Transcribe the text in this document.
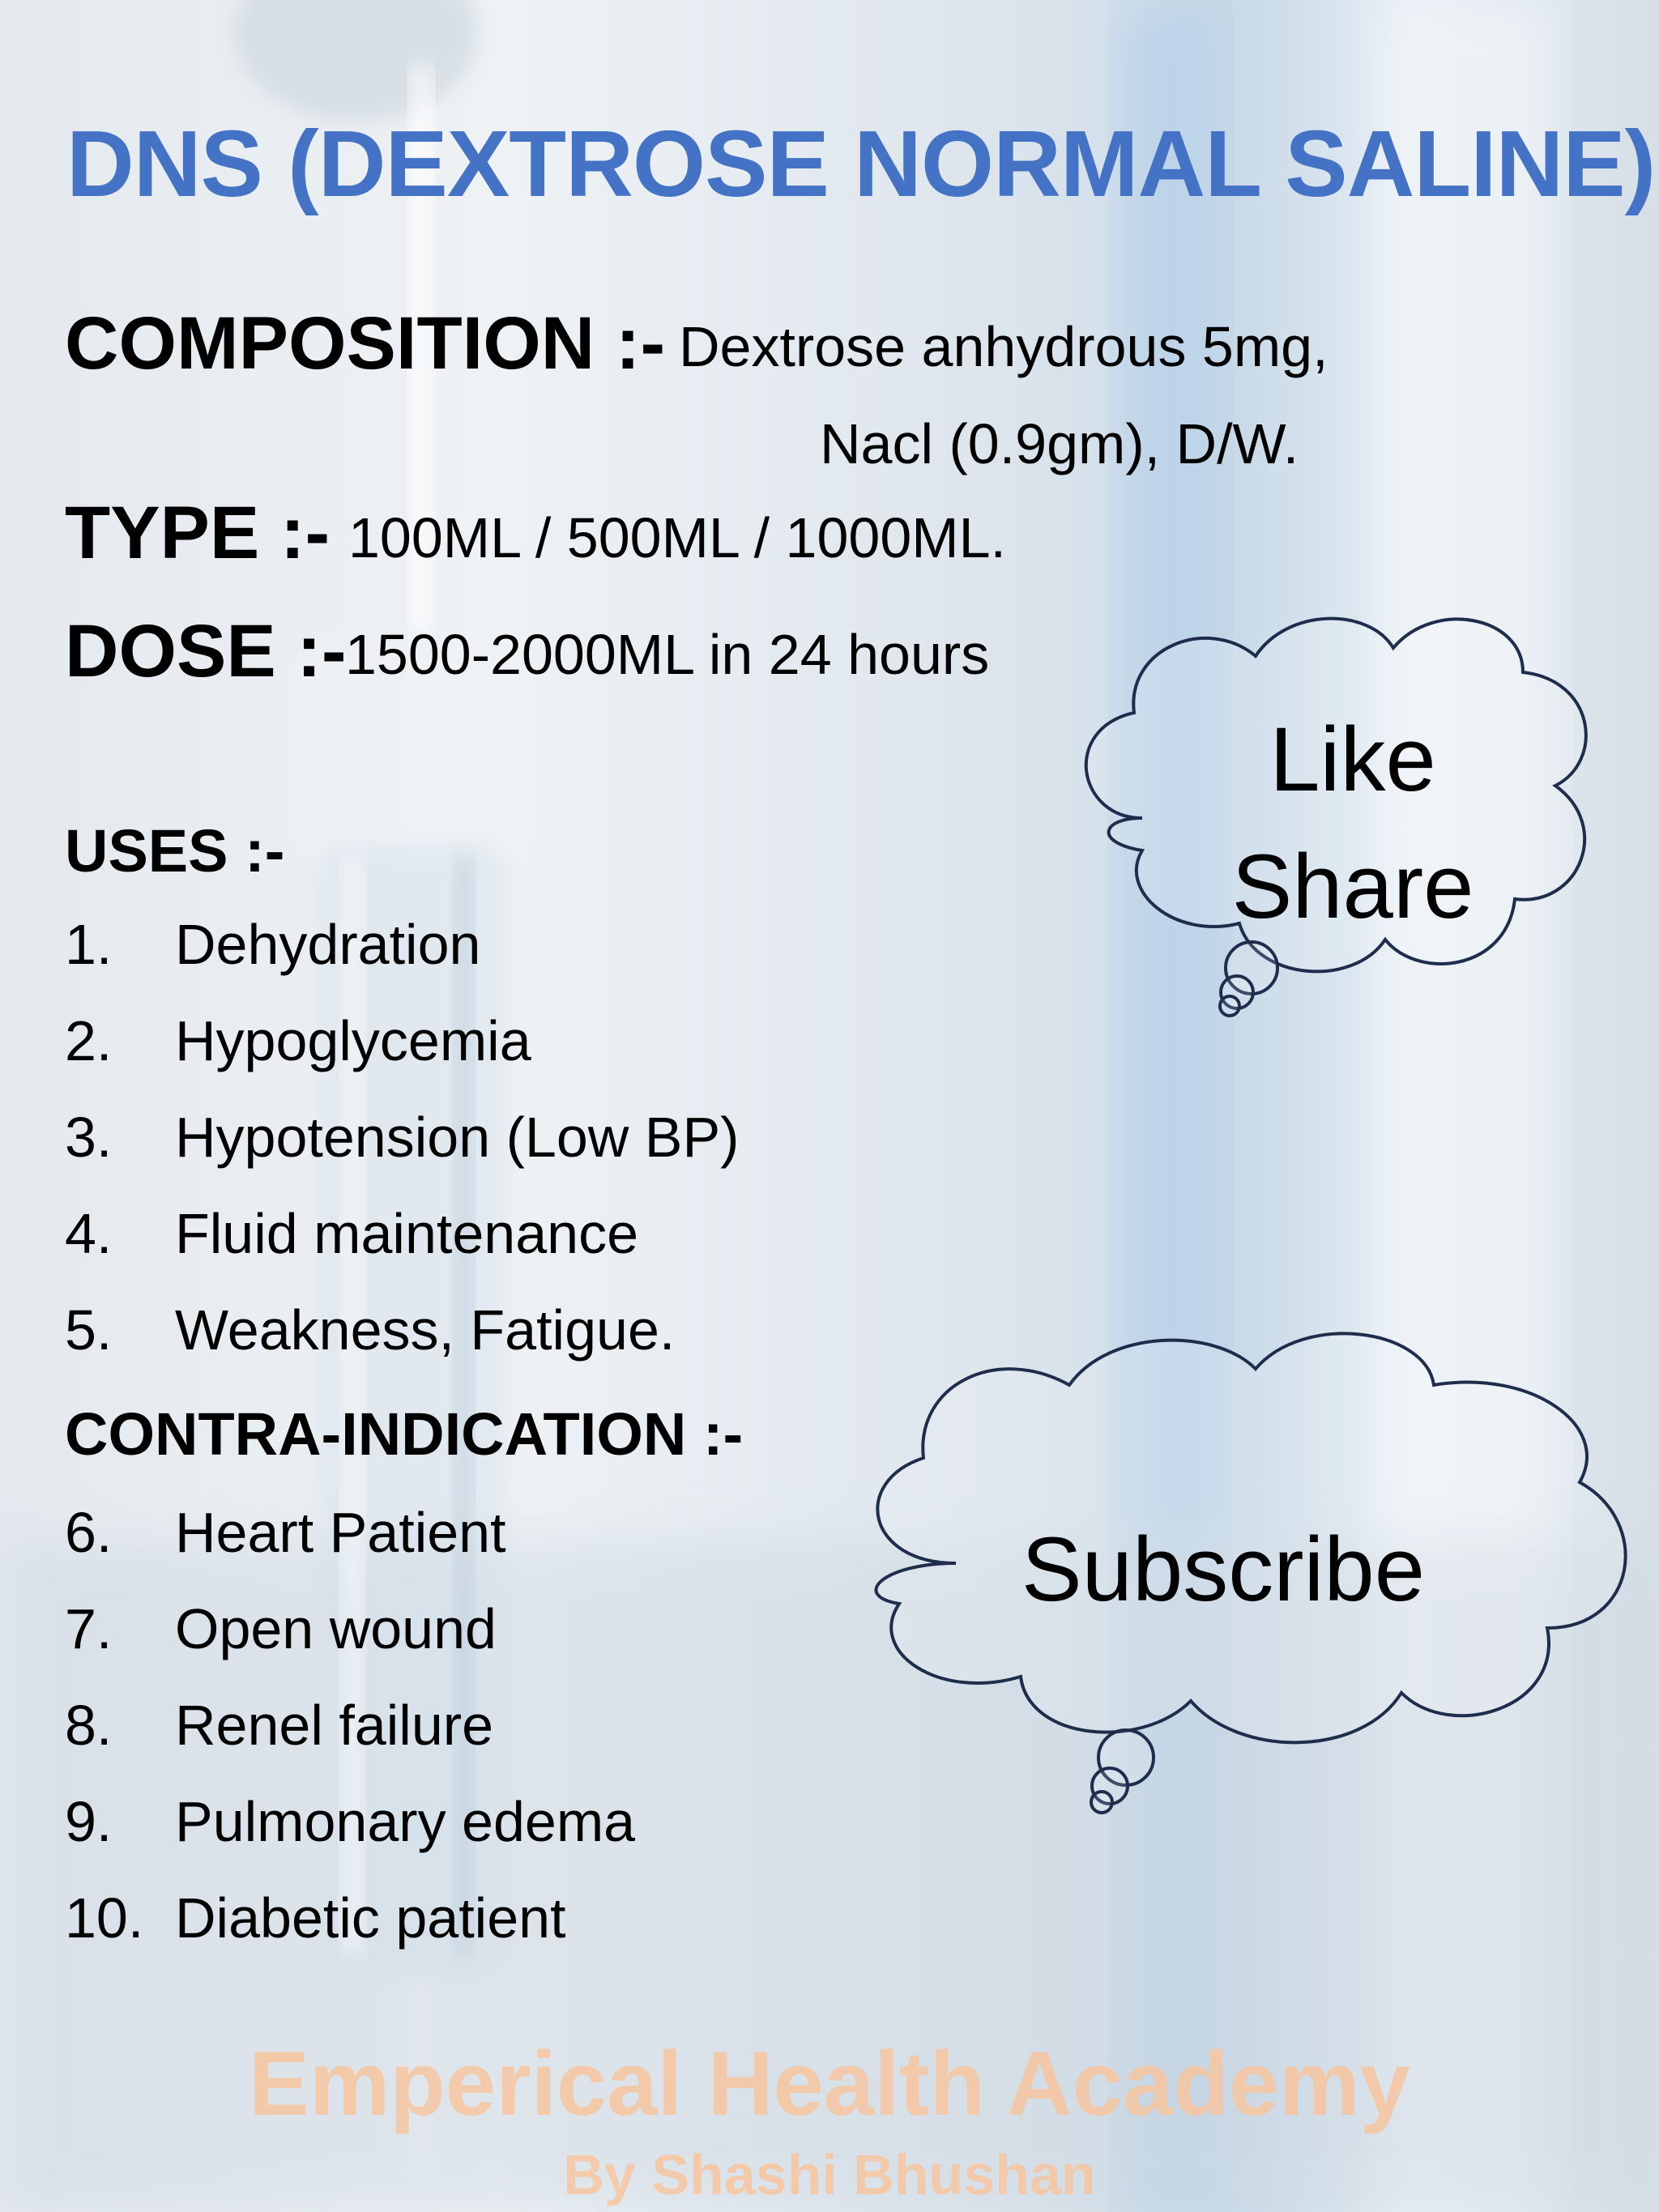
DNS (DEXTROSE NORMAL SALINE)
COMPOSITION :- Dextrose anhydrous 5mg,
Nacl (0.9gm), D/W.
TYPE :- 100ML / 500ML / 1000ML.
DOSE :-
1500-2000ML in 24 hours
USES :-
1. Dehydration
2. Hypoglycemia
3. Hypotension (Low BP)
4. Fluid maintenance
5. Weakness, Fatigue.
CONTRA-INDICATION :-
6. Heart Patient
7. Open wound
8. Renel failure
9. Pulmonary edema
10. Diabetic patient
Like
Share
Subscribe
Emperical Health Academy
By Shashi Bhushan
